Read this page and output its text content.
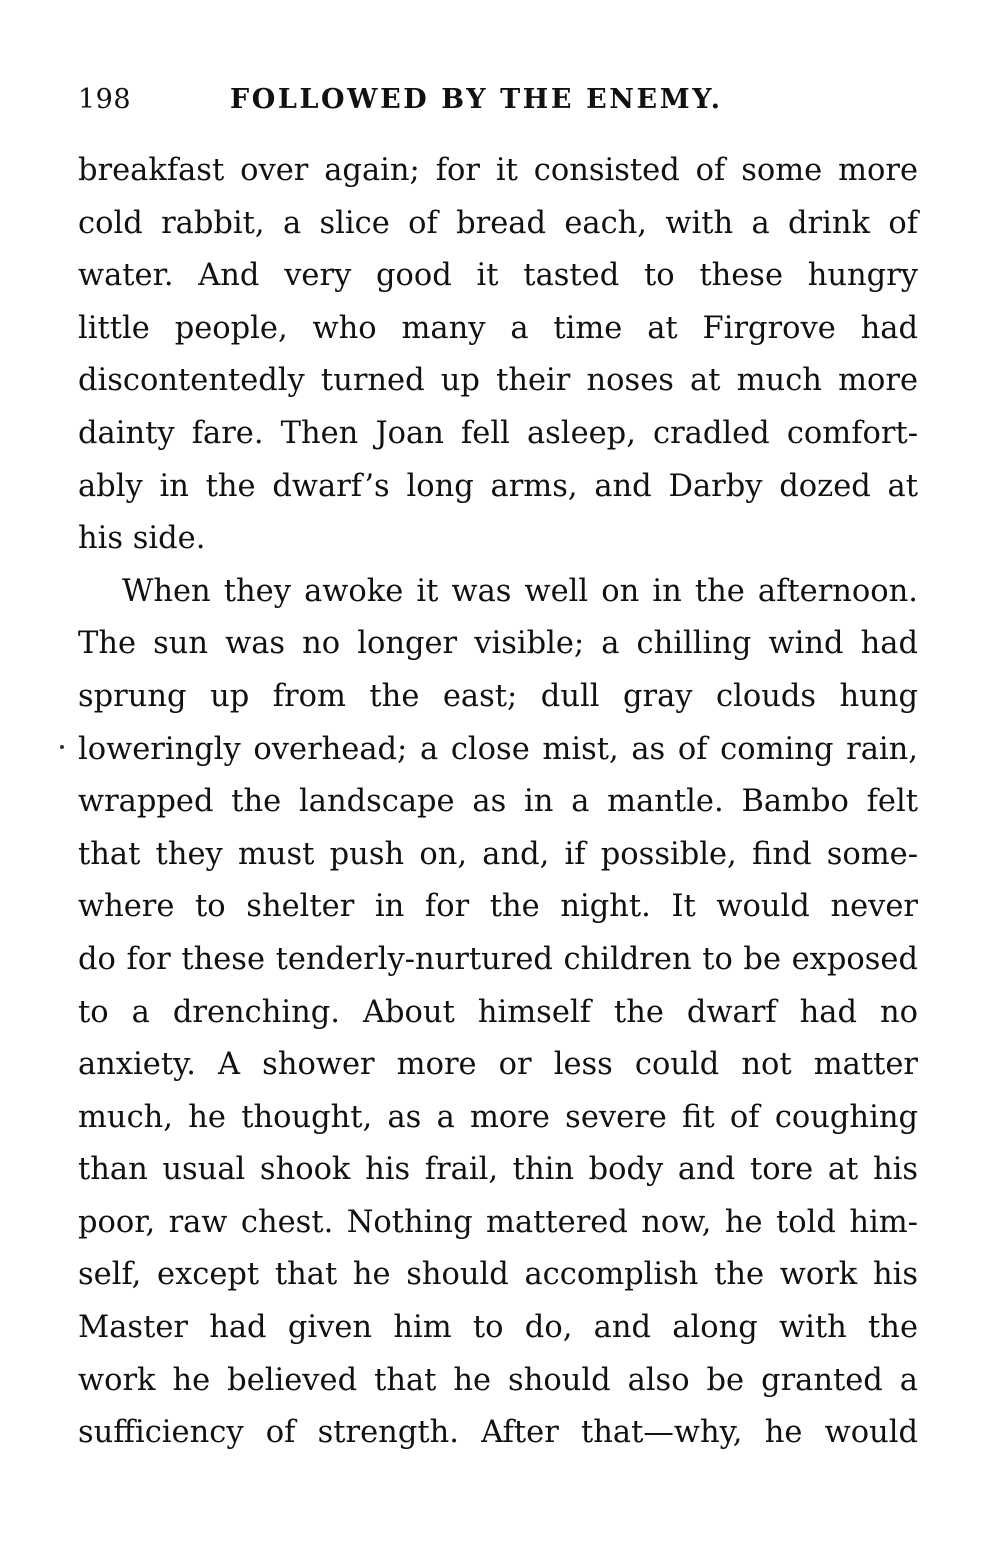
198	FOLLOWED BY THE ENEMY.
breakfast over again; for it consisted of some more
cold rabbit, a slice of bread each, with a drink of
water. And very good it tasted to these hungry
little people, who many a time at Firgrove had
discontentedly turned up their noses at much more
dainty fare. Then Joan fell asleep, cradled comfort-
ably in the dwarf’s long arms, and Darby dozed at
his side.
When they awoke it was well on in the afternoon.
The sun was no longer visible; a chilling wind had
sprung up from the east; dull gray clouds hung
loweringly overhead; a close mist, as of coming rain,
wrapped the landscape as in a mantle. Bambo felt
that they must push on, and, if possible, find some-
where to shelter in for the night. It would never
do for these tenderly-nurtured children to be exposed
to a drenching. About himself the dwarf had no
anxiety. A shower more or less could not matter
much, he thought, as a more severe fit of coughing
than usual shook his frail, thin body and tore at his
poor, raw chest. Nothing mattered now, he told him-
self, except that he should accomplish the work his
Master had given him to do, and along with the
work he believed that he should also be granted a
sufficiency of strength. After that—why, he would
